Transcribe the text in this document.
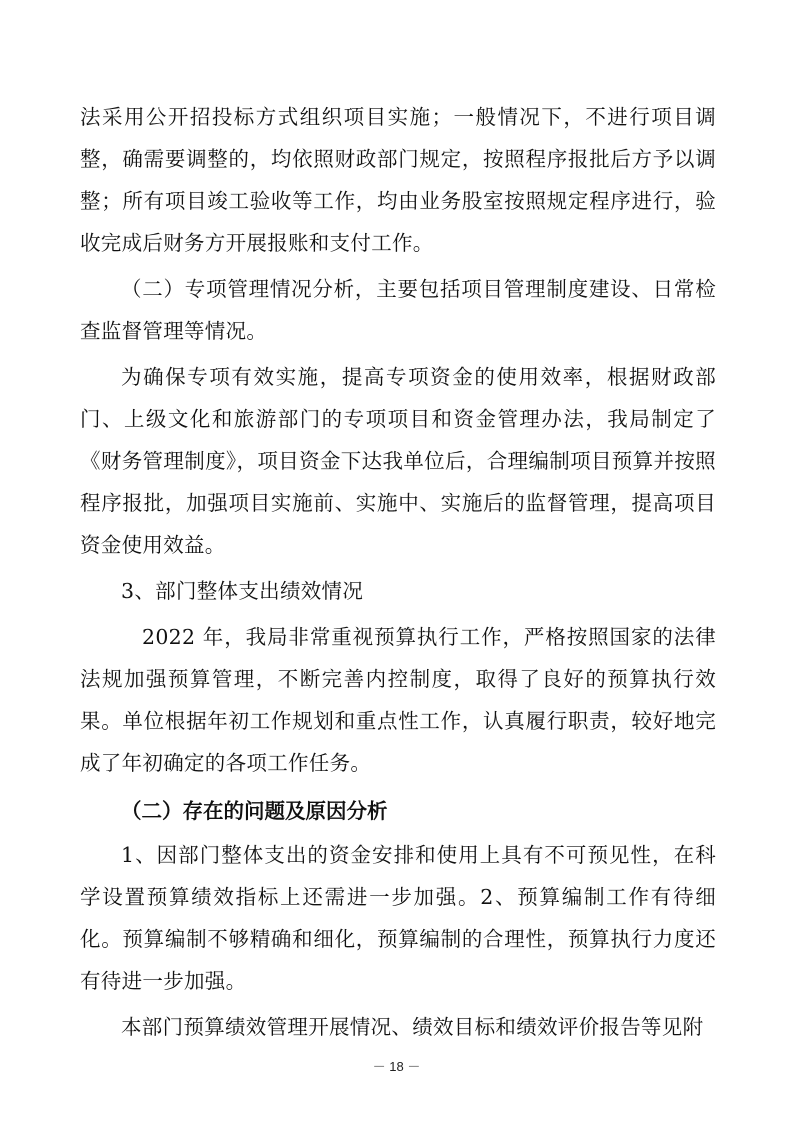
法采用公开招投标方式组织项目实施；一般情况下，不进行项目调整，确需要调整的，均依照财政部门规定，按照程序报批后方予以调整；所有项目竣工验收等工作，均由业务股室按照规定程序进行，验收完成后财务方开展报账和支付工作。

（二）专项管理情况分析，主要包括项目管理制度建设、日常检查监督管理等情况。

为确保专项有效实施，提高专项资金的使用效率，根据财政部门、上级文化和旅游部门的专项项目和资金管理办法，我局制定了《财务管理制度》，项目资金下达我单位后，合理编制项目预算并按照程序报批，加强项目实施前、实施中、实施后的监督管理，提高项目资金使用效益。

3、部门整体支出绩效情况

2022 年，我局非常重视预算执行工作，严格按照国家的法律法规加强预算管理，不断完善内控制度，取得了良好的预算执行效果。单位根据年初工作规划和重点性工作，认真履行职责，较好地完成了年初确定的各项工作任务。

（二）存在的问题及原因分析

1、因部门整体支出的资金安排和使用上具有不可预见性，在科学设置预算绩效指标上还需进一步加强。2、预算编制工作有待细化。预算编制不够精确和细化，预算编制的合理性，预算执行力度还有待进一步加强。

本部门预算绩效管理开展情况、绩效目标和绩效评价报告等见附

－ 18 －
